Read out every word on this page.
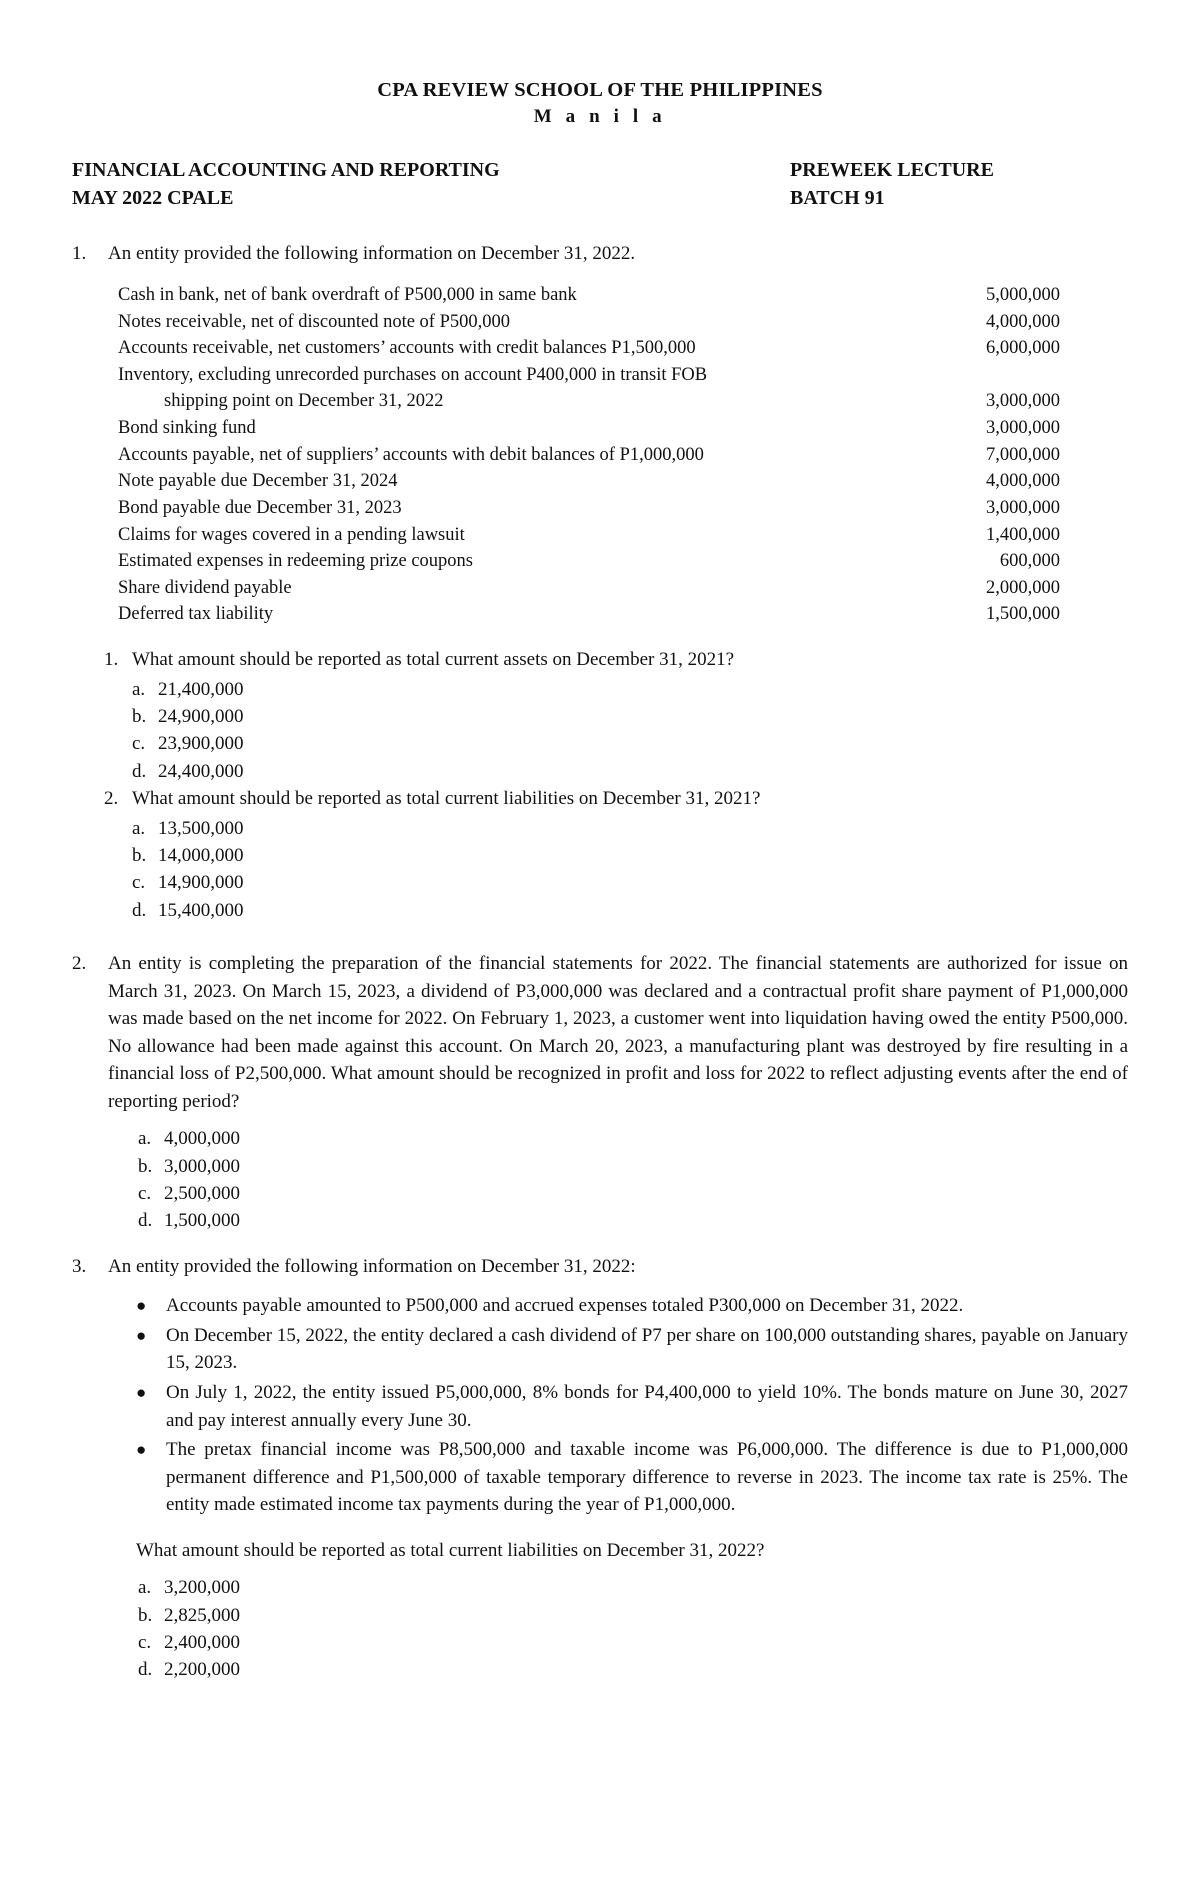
CPA REVIEW SCHOOL OF THE PHILIPPINES
M a n i l a
FINANCIAL ACCOUNTING AND REPORTING
MAY 2022 CPALE
PREWEEK LECTURE
BATCH 91
1.	An entity provided the following information on December 31, 2022.
Cash in bank, net of bank overdraft of P500,000 in same bank	5,000,000
Notes receivable, net of discounted note of P500,000	4,000,000
Accounts receivable, net customers’ accounts with credit balances P1,500,000	6,000,000
Inventory, excluding unrecorded purchases on account P400,000 in transit FOB	
shipping point on December 31, 2022	3,000,000
Bond sinking fund	3,000,000
Accounts payable, net of suppliers’ accounts with debit balances of P1,000,000	7,000,000
Note payable due December 31, 2024	4,000,000
Bond payable due December 31, 2023	3,000,000
Claims for wages covered in a pending lawsuit	1,400,000
Estimated expenses in redeeming prize coupons	600,000
Share dividend payable	2,000,000
Deferred tax liability	1,500,000
1. What amount should be reported as total current assets on December 31, 2021?
a. 21,400,000
b. 24,900,000
c. 23,900,000
d. 24,400,000
2. What amount should be reported as total current liabilities on December 31, 2021?
a. 13,500,000
b. 14,000,000
c. 14,900,000
d. 15,400,000
2.	An entity is completing the preparation of the financial statements for 2022. The financial statements are authorized for issue on March 31, 2023. On March 15, 2023, a dividend of P3,000,000 was declared and a contractual profit share payment of P1,000,000 was made based on the net income for 2022. On February 1, 2023, a customer went into liquidation having owed the entity P500,000. No allowance had been made against this account. On March 20, 2023, a manufacturing plant was destroyed by fire resulting in a financial loss of P2,500,000. What amount should be recognized in profit and loss for 2022 to reflect adjusting events after the end of reporting period?
a. 4,000,000
b. 3,000,000
c. 2,500,000
d. 1,500,000
3.	An entity provided the following information on December 31, 2022:
●	Accounts payable amounted to P500,000 and accrued expenses totaled P300,000 on December 31, 2022.
●	On December 15, 2022, the entity declared a cash dividend of P7 per share on 100,000 outstanding shares, payable on January 15, 2023.
●	On July 1, 2022, the entity issued P5,000,000, 8% bonds for P4,400,000 to yield 10%. The bonds mature on June 30, 2027 and pay interest annually every June 30.
●	The pretax financial income was P8,500,000 and taxable income was P6,000,000. The difference is due to P1,000,000 permanent difference and P1,500,000 of taxable temporary difference to reverse in 2023. The income tax rate is 25%. The entity made estimated income tax payments during the year of P1,000,000.
What amount should be reported as total current liabilities on December 31, 2022?
a. 3,200,000
b. 2,825,000
c. 2,400,000
d. 2,200,000
